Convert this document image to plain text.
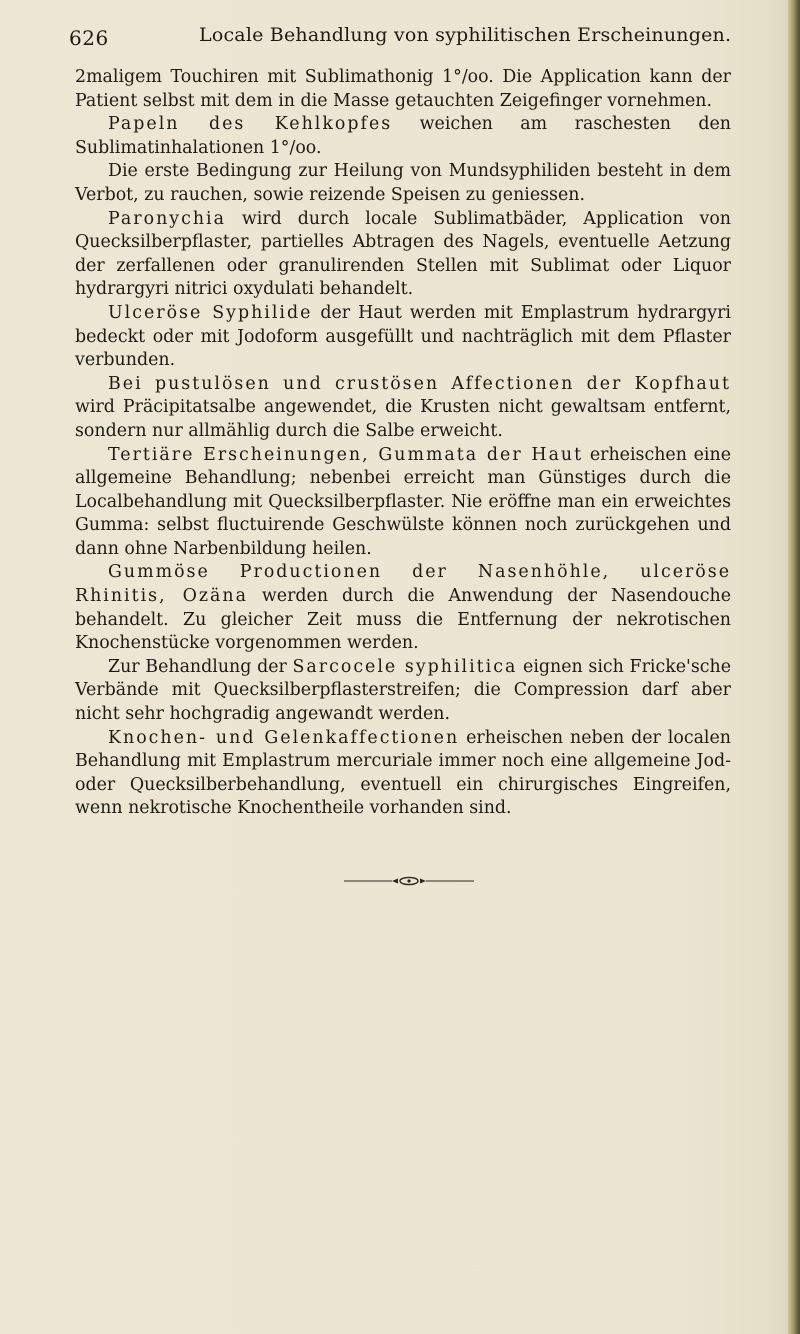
626	Locale Behandlung von syphilitischen Erscheinungen.

2maligem Touchiren mit Sublimathonig 1°/oo. Die Application kann der Patient selbst mit dem in die Masse getauchten Zeigefinger vornehmen.

Papeln des Kehlkopfes weichen am raschesten den Sublimatinhalationen 1°/oo.

Die erste Bedingung zur Heilung von Mundsyphiliden besteht in dem Verbot, zu rauchen, sowie reizende Speisen zu geniessen.

Paronychia wird durch locale Sublimatbäder, Application von Quecksilberpflaster, partielles Abtragen des Nagels, eventuelle Aetzung der zerfallenen oder granulirenden Stellen mit Sublimat oder Liquor hydrargyri nitrici oxydulati behandelt.

Ulceröse Syphilide der Haut werden mit Emplastrum hydrargyri bedeckt oder mit Jodoform ausgefüllt und nachträglich mit dem Pflaster verbunden.

Bei pustulösen und crustösen Affectionen der Kopfhaut wird Präcipitatsalbe angewendet, die Krusten nicht gewaltsam entfernt, sondern nur allmählig durch die Salbe erweicht.

Tertiäre Erscheinungen, Gummata der Haut erheischen eine allgemeine Behandlung; nebenbei erreicht man Günstiges durch die Localbehandlung mit Quecksilberpflaster. Nie eröffne man ein erweichtes Gumma: selbst fluctuirende Geschwülste können noch zurückgehen und dann ohne Narbenbildung heilen.

Gummöse Productionen der Nasenhöhle, ulceröse Rhinitis, Ozäna werden durch die Anwendung der Nasendouche behandelt. Zu gleicher Zeit muss die Entfernung der nekrotischen Knochenstücke vorgenommen werden.

Zur Behandlung der Sarcocele syphilitica eignen sich Fricke'sche Verbände mit Quecksilberpflasterstreifen; die Compression darf aber nicht sehr hochgradig angewandt werden.

Knochen- und Gelenkaffectionen erheischen neben der localen Behandlung mit Emplastrum mercuriale immer noch eine allgemeine Jod- oder Quecksilberbehandlung, eventuell ein chirurgisches Eingreifen, wenn nekrotische Knochentheile vorhanden sind.
